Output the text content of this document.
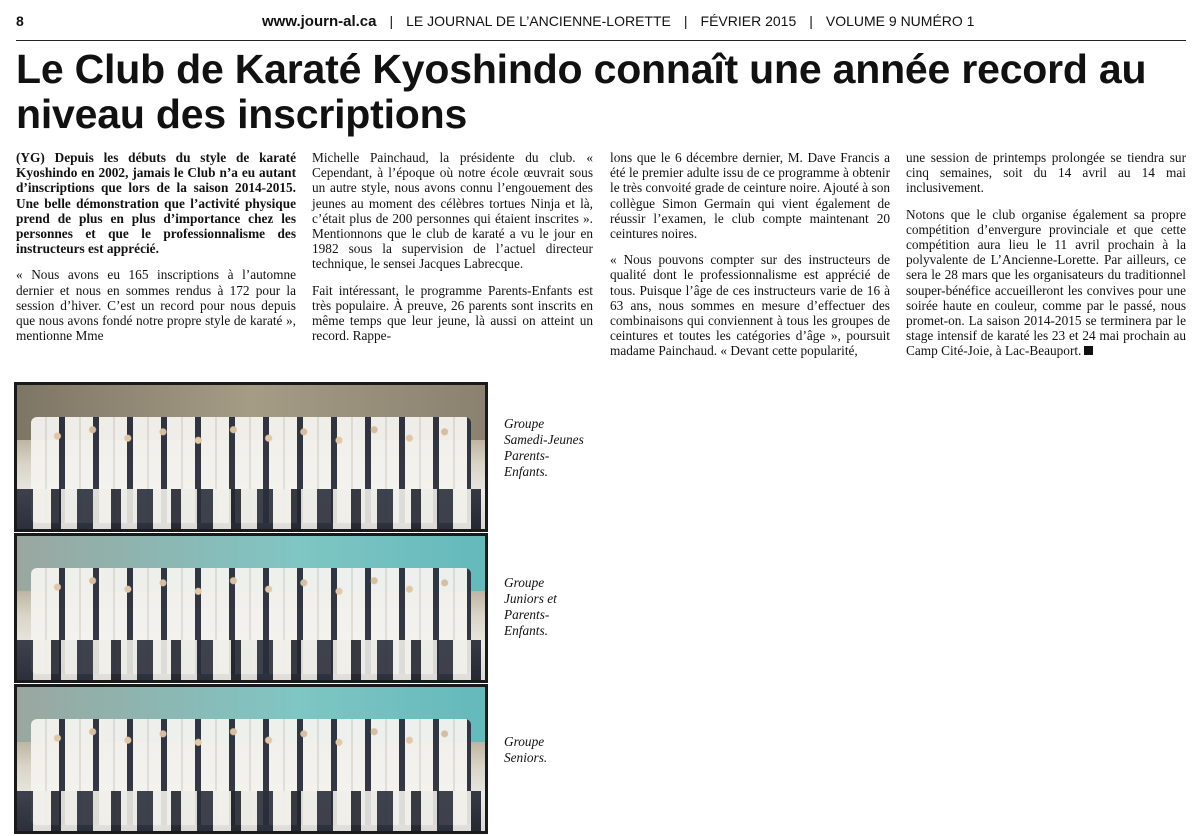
8	www.journ-al.ca | LE JOURNAL DE L’ANCIENNE-LORETTE | FÉVRIER 2015 | VOLUME 9 NUMÉRO 1
Le Club de Karaté Kyoshindo connaît une année record au niveau des inscriptions

(YG) Depuis les débuts du style de karaté Kyoshindo en 2002, jamais le Club n’a eu autant d’inscriptions que lors de la saison 2014-2015. Une belle démonstration que l’activité physique prend de plus en plus d’importance chez les personnes et que le professionnalisme des instructeurs est apprécié.

« Nous avons eu 165 inscriptions à l’automne dernier et nous en sommes rendus à 172 pour la session d’hiver. C’est un record pour nous depuis que nous avons fondé notre propre style de karaté », mentionne Mme

Michelle Painchaud, la présidente du club. « Cependant, à l’époque où notre école œuvrait sous un autre style, nous avons connu l’engouement des jeunes au moment des célèbres tortues Ninja et là, c’était plus de 200 personnes qui étaient inscrites ». Mentionnons que le club de karaté a vu le jour en 1982 sous la supervision de l’actuel directeur technique, le sensei Jacques Labrecque.

Fait intéressant, le programme Parents-Enfants est très populaire. À preuve, 26 parents sont inscrits en même temps que leur jeune, là aussi on atteint un record. Rappe-

lons que le 6 décembre dernier, M. Dave Francis a été le premier adulte issu de ce programme à obtenir le très convoité grade de ceinture noire. Ajouté à son collègue Simon Germain qui vient également de réussir l’examen, le club compte maintenant 20 ceintures noires.

« Nous pouvons compter sur des instructeurs de qualité dont le professionnalisme est apprécié de tous. Puisque l’âge de ces instructeurs varie de 16 à 63 ans, nous sommes en mesure d’effectuer des combinaisons qui conviennent à tous les groupes de ceintures et toutes les catégories d’âge », poursuit madame Painchaud. « Devant cette popularité,

une session de printemps prolongée se tiendra sur cinq semaines, soit du 14 avril au 14 mai inclusivement.

Notons que le club organise également sa propre compétition d’envergure provinciale et que cette compétition aura lieu le 11 avril prochain à la polyvalente de L’Ancienne-Lorette. Par ailleurs, ce sera le 28 mars que les organisateurs du traditionnel souper-bénéfice accueilleront les convives pour une soirée haute en couleur, comme par le passé, nous promet-on. La saison 2014-2015 se terminera par le stage intensif de karaté les 23 et 24 mai prochain au Camp Cité-Joie, à Lac-Beauport.

Groupe Samedi-Jeunes Parents-Enfants.
Groupe Juniors et Parents-Enfants.
Groupe Seniors.
